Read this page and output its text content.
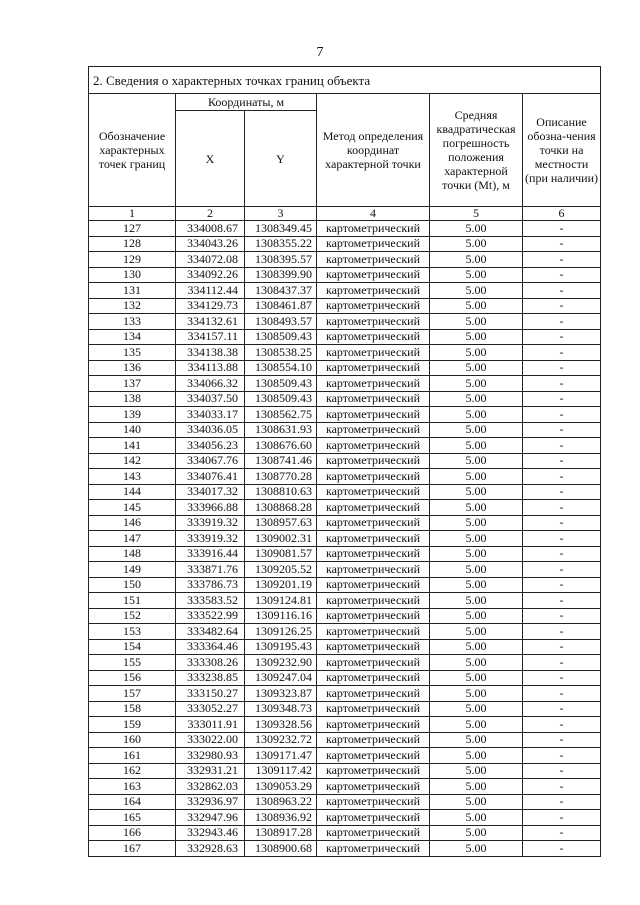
7
2. Сведения о характерных точках границ объекта					
Обозначение характерных точек границ	Координаты, м		Метод определения координат характерной точки	Средняя квадратическая погрешность положения характерной точки (Mt), м	Описание обозна-чения точки на местности (при наличии)
	X	Y			
1	2	3	4	5	6
127	334008.67	1308349.45	картометрический	5.00	-
128	334043.26	1308355.22	картометрический	5.00	-
129	334072.08	1308395.57	картометрический	5.00	-
130	334092.26	1308399.90	картометрический	5.00	-
131	334112.44	1308437.37	картометрический	5.00	-
132	334129.73	1308461.87	картометрический	5.00	-
133	334132.61	1308493.57	картометрический	5.00	-
134	334157.11	1308509.43	картометрический	5.00	-
135	334138.38	1308538.25	картометрический	5.00	-
136	334113.88	1308554.10	картометрический	5.00	-
137	334066.32	1308509.43	картометрический	5.00	-
138	334037.50	1308509.43	картометрический	5.00	-
139	334033.17	1308562.75	картометрический	5.00	-
140	334036.05	1308631.93	картометрический	5.00	-
141	334056.23	1308676.60	картометрический	5.00	-
142	334067.76	1308741.46	картометрический	5.00	-
143	334076.41	1308770.28	картометрический	5.00	-
144	334017.32	1308810.63	картометрический	5.00	-
145	333966.88	1308868.28	картометрический	5.00	-
146	333919.32	1308957.63	картометрический	5.00	-
147	333919.32	1309002.31	картометрический	5.00	-
148	333916.44	1309081.57	картометрический	5.00	-
149	333871.76	1309205.52	картометрический	5.00	-
150	333786.73	1309201.19	картометрический	5.00	-
151	333583.52	1309124.81	картометрический	5.00	-
152	333522.99	1309116.16	картометрический	5.00	-
153	333482.64	1309126.25	картометрический	5.00	-
154	333364.46	1309195.43	картометрический	5.00	-
155	333308.26	1309232.90	картометрический	5.00	-
156	333238.85	1309247.04	картометрический	5.00	-
157	333150.27	1309323.87	картометрический	5.00	-
158	333052.27	1309348.73	картометрический	5.00	-
159	333011.91	1309328.56	картометрический	5.00	-
160	333022.00	1309232.72	картометрический	5.00	-
161	332980.93	1309171.47	картометрический	5.00	-
162	332931.21	1309117.42	картометрический	5.00	-
163	332862.03	1309053.29	картометрический	5.00	-
164	332936.97	1308963.22	картометрический	5.00	-
165	332947.96	1308936.92	картометрический	5.00	-
166	332943.46	1308917.28	картометрический	5.00	-
167	332928.63	1308900.68	картометрический	5.00	-
